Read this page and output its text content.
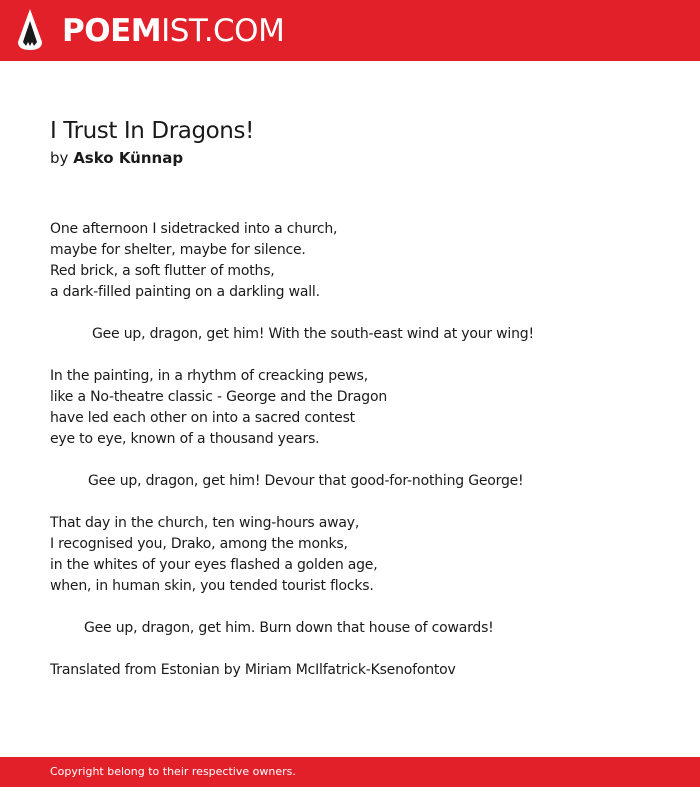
POEMIST.COM
I Trust In Dragons!
by Asko Künnap
One afternoon I sidetracked into a church,
maybe for shelter, maybe for silence.
Red brick, a soft flutter of moths,
a dark-filled painting on a darkling wall.
Gee up, dragon, get him! With the south-east wind at your wing!
In the painting, in a rhythm of creacking pews,
like a No-theatre classic - George and the Dragon
have led each other on into a sacred contest
eye to eye, known of a thousand years.
Gee up, dragon, get him! Devour that good-for-nothing George!
That day in the church, ten wing-hours away,
I recognised you, Drako, among the monks,
in the whites of your eyes flashed a golden age,
when, in human skin, you tended tourist flocks.
Gee up, dragon, get him. Burn down that house of cowards!
Translated from Estonian by Miriam McIlfatrick-Ksenofontov
Copyright belong to their respective owners.
